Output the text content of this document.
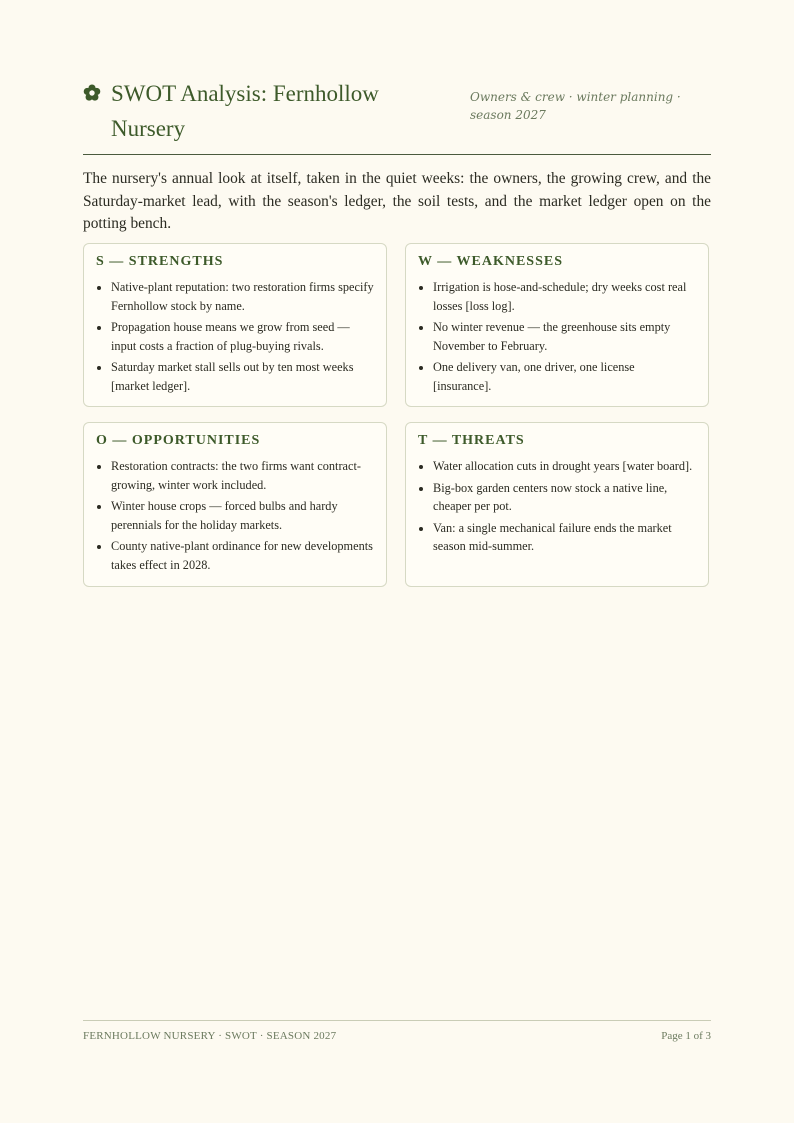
SWOT Analysis: Fernhollow Nursery
Owners & crew · winter planning · season 2027

The nursery's annual look at itself, taken in the quiet weeks: the owners, the growing crew, and the Saturday-market lead, with the season's ledger, the soil tests, and the market ledger open on the potting bench.

S — STRENGTHS
• Native-plant reputation: two restoration firms specify Fernhollow stock by name.
• Propagation house means we grow from seed — input costs a fraction of plug-buying rivals.
• Saturday market stall sells out by ten most weeks [market ledger].
W — WEAKNESSES
• Irrigation is hose-and-schedule; dry weeks cost real losses [loss log].
• No winter revenue — the greenhouse sits empty November to February.
• One delivery van, one driver, one license [insurance].
O — OPPORTUNITIES
• Restoration contracts: the two firms want contract-growing, winter work included.
• Winter house crops — forced bulbs and hardy perennials for the holiday markets.
• County native-plant ordinance for new developments takes effect in 2028.
T — THREATS
• Water allocation cuts in drought years [water board].
• Big-box garden centers now stock a native line, cheaper per pot.
• Van: a single mechanical failure ends the market season mid-summer.
FERNHOLLOW NURSERY · SWOT · SEASON 2027	Page 1 of 3
